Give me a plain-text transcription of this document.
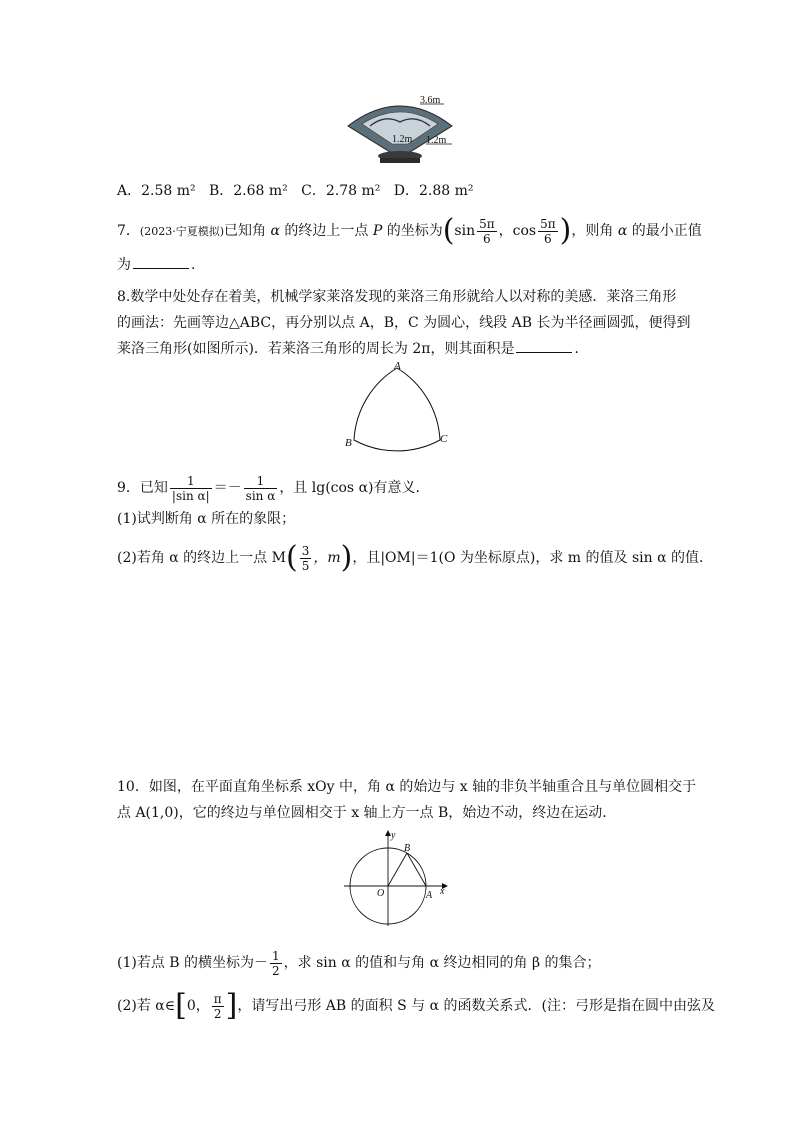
3.6m
1.2m 1.2m
A．2.58 m² B．2.68 m² C．2.78 m² D．2.88 m²
7．(2023·宁夏模拟)已知角 α 的终边上一点 P 的坐标为($\sin \frac{5\pi}{6}$ ，$\cos \frac{5\pi}{6}$ )，则角 α 的最小正值
为	.
8.数学中处处存在着美，机械学家莱洛发现的莱洛三角形就给人以对称的美感．莱洛三角形
的画法：先画等边△ABC，再分别以点 A，B，C 为圆心，线段 AB 长为半径画圆弧，便得到
莱洛三角形(如图所示)．若莱洛三角形的周长为 2π，则其面积是	．
A
B	C
9．已知 $\frac{1}{\text{|sin α|}} =- \frac{1}{\text{sin α}}$ ，且 lg(cos α)有意义．
(1)试判断角 α 所在的象限；
(2)若角 α 的终边上一点 $M( \frac{3}{5}$ ，m)，且|OM|＝1(O 为坐标原点)，求 m 的值及 sin α 的值．
10．如图，在平面直角坐标系 xOy 中，角 α 的始边与 x 轴的非负半轴重合且与单位圆相交于
点 A(1,0)，它的终边与单位圆相交于 x 轴上方一点 B，始边不动，终边在运动．
y
x
O	A
B
(1)若点 B 的横坐标为－ $\frac{1}{2}$ ，求 sin α 的值和与角 α 终边相同的角 β 的集合；
(2)若 α∈[0， $\frac{\pi}{2}$ ]，请写出弓形 AB 的面积 S 与 α 的函数关系式．(注：弓形是指在圆中由弦及
